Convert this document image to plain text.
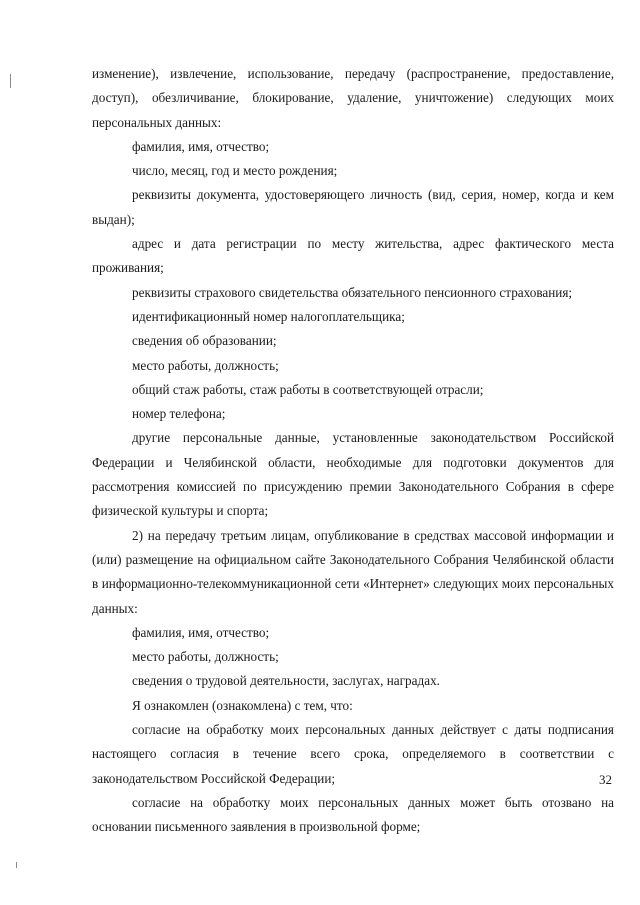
изменение), извлечение, использование, передачу (распространение, предоставление, доступ), обезличивание, блокирование, удаление, уничтожение) следующих моих персональных данных:

фамилия, имя, отчество;

число, месяц, год и место рождения;

реквизиты документа, удостоверяющего личность (вид, серия, номер, когда и кем выдан);

адрес и дата регистрации по месту жительства, адрес фактического места проживания;

реквизиты страхового свидетельства обязательного пенсионного страхования;

идентификационный номер налогоплательщика;

сведения об образовании;

место работы, должность;

общий стаж работы, стаж работы в соответствующей отрасли;

номер телефона;

другие персональные данные, установленные законодательством Российской Федерации и Челябинской области, необходимые для подготовки документов для рассмотрения комиссией по присуждению премии Законодательного Собрания в сфере физической культуры и спорта;

2) на передачу третьим лицам, опубликование в средствах массовой информации и (или) размещение на официальном сайте Законодательного Собрания Челябинской области в информационно-телекоммуникационной сети «Интернет» следующих моих персональных данных:

фамилия, имя, отчество;

место работы, должность;

сведения о трудовой деятельности, заслугах, наградах.

Я ознакомлен (ознакомлена) с тем, что:

согласие на обработку моих персональных данных действует с даты подписания настоящего согласия в течение всего срока, определяемого в соответствии с законодательством Российской Федерации;

согласие на обработку моих персональных данных может быть отозвано на основании письменного заявления в произвольной форме;

32
